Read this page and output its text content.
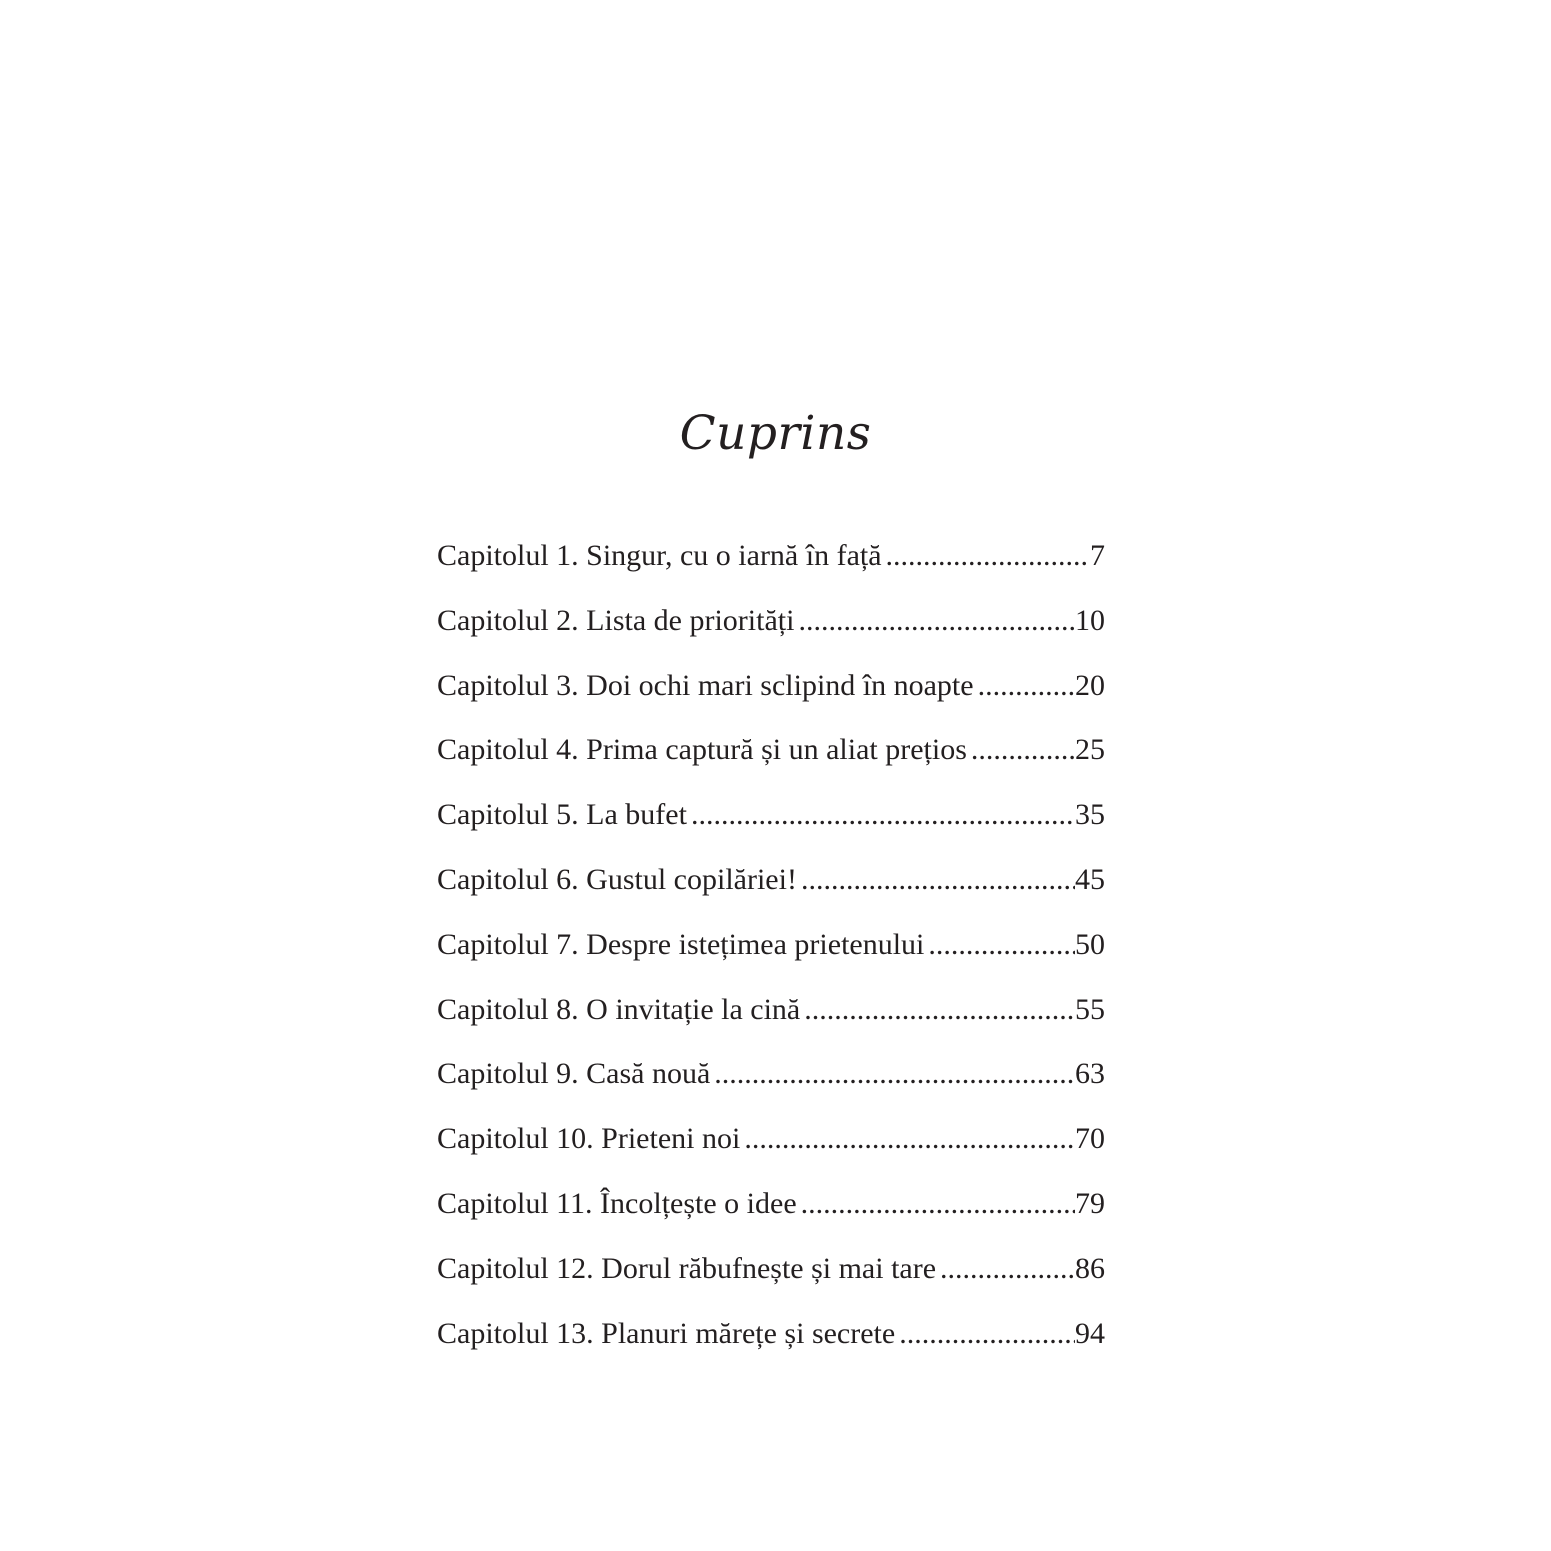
Cuprins
Capitolul 1. Singur, cu o iarnă în față .....	7
Capitolul 2. Lista de priorități .....	10
Capitolul 3. Doi ochi mari sclipind în noapte .....	20
Capitolul 4. Prima captură și un aliat prețios .....	25
Capitolul 5. La bufet .....	35
Capitolul 6. Gustul copilăriei! .....	45
Capitolul 7. Despre istețimea prietenului .....	50
Capitolul 8. O invitație la cină .....	55
Capitolul 9. Casă nouă .....	63
Capitolul 10. Prieteni noi .....	70
Capitolul 11. Încolțește o idee .....	79
Capitolul 12. Dorul răbufnește și mai tare .....	86
Capitolul 13. Planuri mărețe și secrete .....	94
